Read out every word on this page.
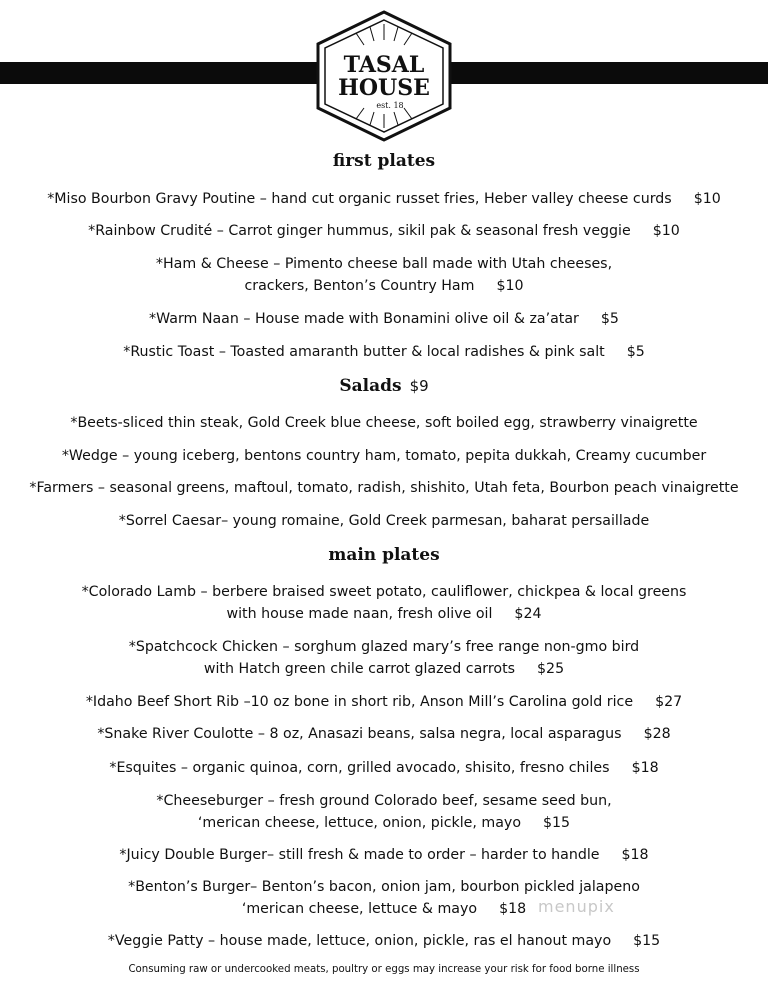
TASAL
HOUSE
est. 18
first plates
*Miso Bourbon Gravy Poutine – hand cut organic russet fries, Heber valley cheese curds $10
*Rainbow Crudité – Carrot ginger hummus, sikil pak & seasonal fresh veggie $10
*Ham & Cheese – Pimento cheese ball made with Utah cheeses,
crackers, Benton’s Country Ham $10
*Warm Naan – House made with Bonamini olive oil & za’atar $5
*Rustic Toast – Toasted amaranth butter & local radishes & pink salt $5
Salads $9
*Beets-sliced thin steak, Gold Creek blue cheese, soft boiled egg, strawberry vinaigrette
*Wedge – young iceberg, bentons country ham, tomato, pepita dukkah, Creamy cucumber
*Farmers – seasonal greens, maftoul, tomato, radish, shishito, Utah feta, Bourbon peach vinaigrette
*Sorrel Caesar– young romaine, Gold Creek parmesan, baharat persaillade
main plates
*Colorado Lamb – berbere braised sweet potato, cauliflower, chickpea & local greens
with house made naan, fresh olive oil $24
*Spatchcock Chicken – sorghum glazed mary’s free range non-gmo bird
with Hatch green chile carrot glazed carrots $25
*Idaho Beef Short Rib –10 oz bone in short rib, Anson Mill’s Carolina gold rice $27
*Snake River Coulotte – 8 oz, Anasazi beans, salsa negra, local asparagus $28
*Esquites – organic quinoa, corn, grilled avocado, shisito, fresno chiles $18
*Cheeseburger – fresh ground Colorado beef, sesame seed bun,
‘merican cheese, lettuce, onion, pickle, mayo $15
*Juicy Double Burger– still fresh & made to order – harder to handle $18
*Benton’s Burger– Benton’s bacon, onion jam, bourbon pickled jalapeno
‘merican cheese, lettuce & mayo $18
*Veggie Patty – house made, lettuce, onion, pickle, ras el hanout mayo $15
Consuming raw or undercooked meats, poultry or eggs may increase your risk for food borne illness
menupix
